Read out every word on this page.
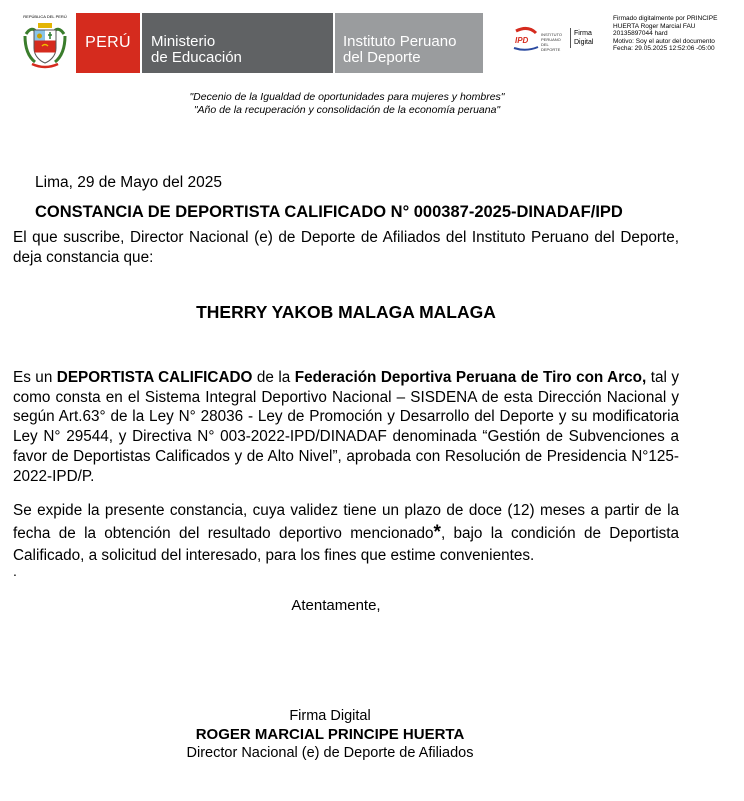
REPÚBLICA DEL PERÚ
PERÚ Ministerio
de Educación
Instituto Peruano
del Deporte
IPD
INSTITUTO PERUANO DEL DEPORTE
Firma
Digital
Firmado digitalmente por PRINCIPE
HUERTA Roger Marcial FAU
20135897044 hard
Motivo: Soy el autor del documento
Fecha: 29.05.2025 12:52:06 -05:00
"Decenio de la Igualdad de oportunidades para mujeres y hombres"
"Año de la recuperación y consolidación de la economía peruana"
Lima, 29 de Mayo del 2025
CONSTANCIA DE DEPORTISTA CALIFICADO N° 000387-2025-DINADAF/IPD
El que suscribe, Director Nacional (e) de Deporte de Afiliados del Instituto Peruano del Deporte, deja constancia que:
THERRY YAKOB MALAGA MALAGA
Es un DEPORTISTA CALIFICADO de la Federación Deportiva Peruana de Tiro con Arco, tal y como consta en el Sistema Integral Deportivo Nacional – SISDENA de esta Dirección Nacional y según Art.63° de la Ley N° 28036 - Ley de Promoción y Desarrollo del Deporte y su modificatoria Ley N° 29544, y Directiva N° 003-2022-IPD/DINADAF denominada “Gestión de Subvenciones a favor de Deportistas Calificados y de Alto Nivel”, aprobada con Resolución de Presidencia N°125-2022-IPD/P.
Se expide la presente constancia, cuya validez tiene un plazo de doce (12) meses a partir de la fecha de la obtención del resultado deportivo mencionado*, bajo la condición de Deportista Calificado, a solicitud del interesado, para los fines que estime convenientes.
.
Atentamente,
Firma Digital
ROGER MARCIAL PRINCIPE HUERTA
Director Nacional (e) de Deporte de Afiliados
